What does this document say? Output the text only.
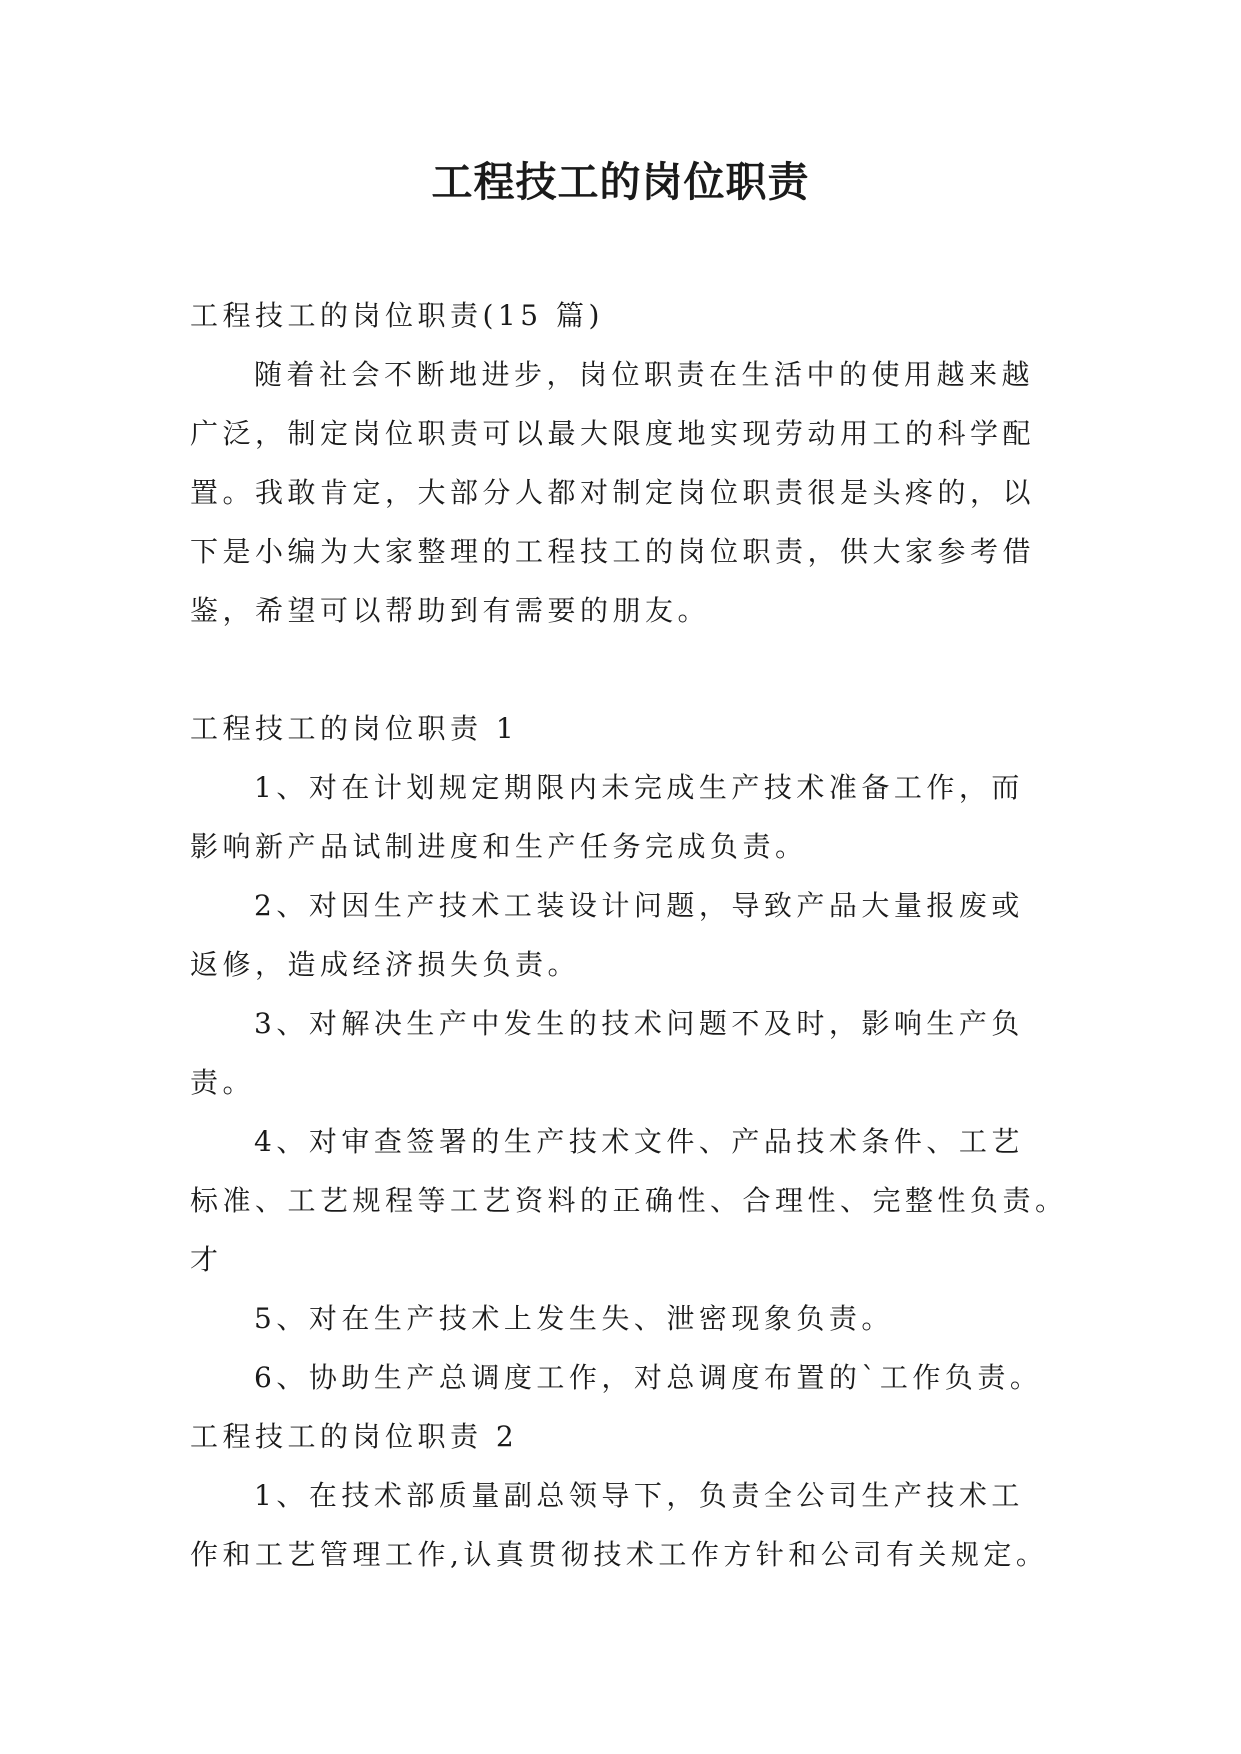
工程技工的岗位职责

工程技工的岗位职责(15 篇)

随着社会不断地进步，岗位职责在生活中的使用越来越

广泛，制定岗位职责可以最大限度地实现劳动用工的科学配

置。我敢肯定，大部分人都对制定岗位职责很是头疼的，以

下是小编为大家整理的工程技工的岗位职责，供大家参考借

鉴，希望可以帮助到有需要的朋友。

工程技工的岗位职责 1

1、对在计划规定期限内未完成生产技术准备工作，而

影响新产品试制进度和生产任务完成负责。

2、对因生产技术工装设计问题，导致产品大量报废或

返修，造成经济损失负责。

3、对解决生产中发生的技术问题不及时，影响生产负

责。

4、对审查签署的生产技术文件、产品技术条件、工艺

标准、工艺规程等工艺资料的正确性、合理性、完整性负责。

才

5、对在生产技术上发生失、泄密现象负责。

6、协助生产总调度工作，对总调度布置的`工作负责。

工程技工的岗位职责 2

1、在技术部质量副总领导下，负责全公司生产技术工

作和工艺管理工作,认真贯彻技术工作方针和公司有关规定。
